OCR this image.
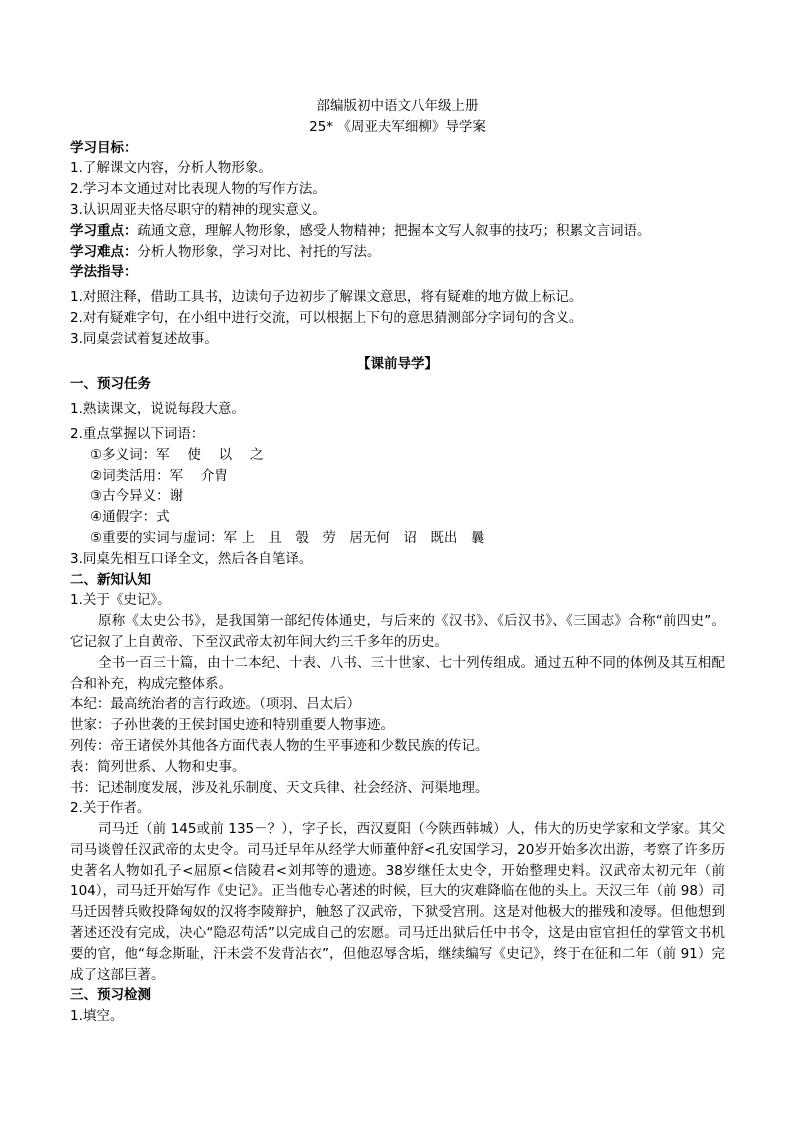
部编版初中语文八年级上册
25* 《周亚夫军细柳》导学案
学习目标：
1.了解课文内容，分析人物形象。
2.学习本文通过对比表现人物的写作方法。
3.认识周亚夫恪尽职守的精神的现实意义。
学习重点：疏通文意，理解人物形象，感受人物精神；把握本文写人叙事的技巧；积累文言词语。
学习难点：分析人物形象，学习对比、衬托的写法。
学法指导：
1.对照注释，借助工具书，边读句子边初步了解课文意思，将有疑难的地方做上标记。
2.对有疑难字句，在小组中进行交流，可以根据上下句的意思猜测部分字词句的含义。
3.同桌尝试着复述故事。
【课前导学】
一、预习任务
1.熟读课文，说说每段大意。
2.重点掌握以下词语：
①多义词：军　 使　 以　 之
②词类活用：军　 介胄
③古今异义：谢
④通假字：式
⑤重要的实词与虚词：军 上　且　彀　劳　居无何　诏　既出　曩
3.同桌先相互口译全文，然后各自笔译。
二、新知认知
1.关于《史记》。
原称《太史公书》，是我国第一部纪传体通史，与后来的《汉书》、《后汉书》、《三国志》合称“前四史”。它记叙了上自黄帝、下至汉武帝太初年间大约三千多年的历史。
全书一百三十篇，由十二本纪、十表、八书、三十世家、七十列传组成。通过五种不同的体例及其互相配合和补充，构成完整体系。
本纪：最高统治者的言行政迹。（项羽、吕太后）
世家：子孙世袭的王侯封国史迹和特别重要人物事迹。
列传：帝王诸侯外其他各方面代表人物的生平事迹和少数民族的传记。
表：简列世系、人物和史事。
书：记述制度发展，涉及礼乐制度、天文兵律、社会经济、河渠地理。
2.关于作者。
司马迁（前 145或前 135－？），字子长，西汉夏阳（今陕西韩城）人，伟大的历史学家和文学家。其父司马谈曾任汉武帝的太史令。司马迁早年从经学大师董仲舒<孔安国学习，20岁开始多次出游，考察了许多历史著名人物如孔子<屈原<信陵君<刘邦等的遗迹。38岁继任太史令，开始整理史料。汉武帝太初元年（前104），司马迁开始写作《史记》。正当他专心著述的时候，巨大的灾难降临在他的头上。天汉三年（前 98）司马迁因替兵败投降匈奴的汉将李陵辩护，触怒了汉武帝，下狱受宫刑。这是对他极大的摧残和凌辱。但他想到著述还没有完成，决心“隐忍苟活”以完成自己的宏愿。司马迁出狱后任中书令，这是由宦官担任的掌管文书机要的官，他“每念斯耻，汗未尝不发背沾衣”，但他忍辱含垢，继续编写《史记》，终于在征和二年（前 91）完成了这部巨著。
三、预习检测
1.填空。
